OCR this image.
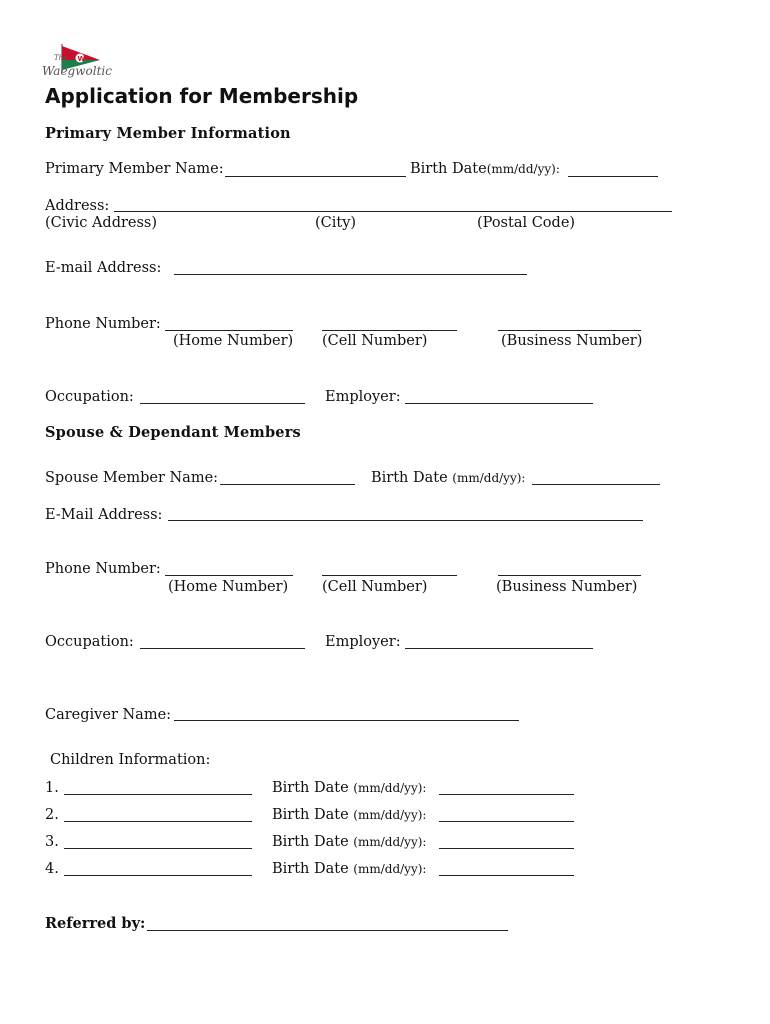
W
The
Waegwoltic
Application for Membership
Primary Member Information
Primary Member Name:	Birth Date(mm/dd/yy):
Address:
(Civic Address)	(City)	(Postal Code)
E-mail Address:
Phone Number:
(Home Number) (Cell Number)	(Business Number)
Occupation:	Employer:
Spouse & Dependant Members
Spouse Member Name:	Birth Date (mm/dd/yy):
E-Mail Address:
Phone Number:
(Home Number) (Cell Number)	(Business Number)
Occupation:	Employer:
Caregiver Name:
Children Information:
1.	Birth Date (mm/dd/yy):
2.	Birth Date (mm/dd/yy):
3.	Birth Date (mm/dd/yy):
4.	Birth Date (mm/dd/yy):
Referred by:
